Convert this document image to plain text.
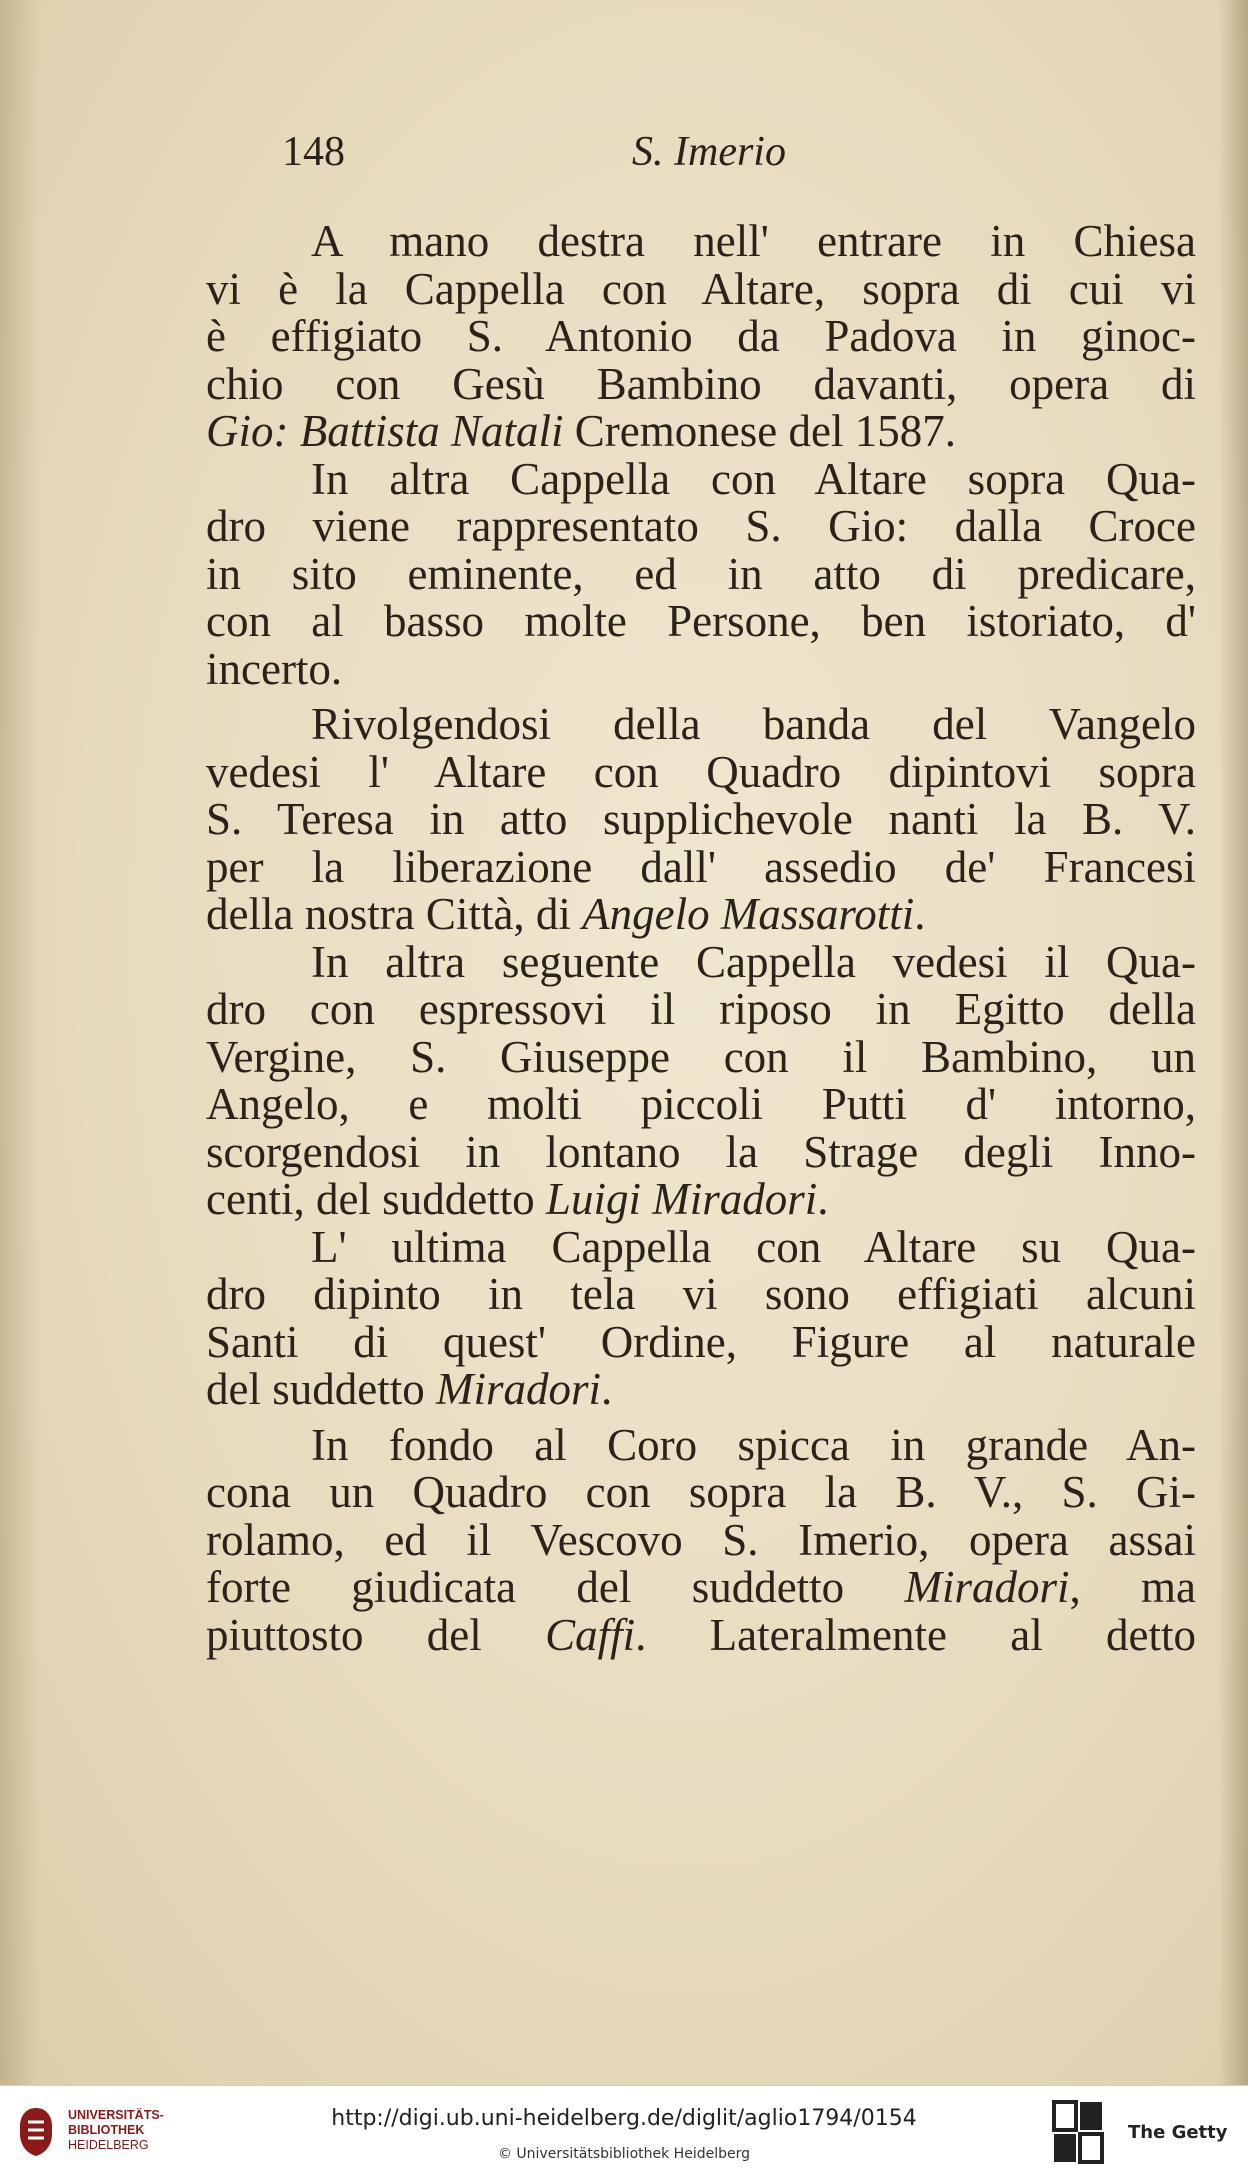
148	S. Imerio
A mano destra nell' entrare in Chiesa
vi è la Cappella con Altare, sopra di cui vi
è effigiato S. Antonio da Padova in ginoc-
chio con Gesù Bambino davanti, opera di
Gio: Battista Natali Cremonese del 1587.
In altra Cappella con Altare sopra Qua-
dro viene rappresentato S. Gio: dalla Croce
in sito eminente, ed in atto di predicare,
con al basso molte Persone, ben istoriato, d'
incerto.
Rivolgendosi della banda del Vangelo
vedesi l' Altare con Quadro dipintovi sopra
S. Teresa in atto supplichevole nanti la B. V.
per la liberazione dall' assedio de' Francesi
della nostra Città, di Angelo Massarotti.
In altra seguente Cappella vedesi il Qua-
dro con espressovi il riposo in Egitto della
Vergine, S. Giuseppe con il Bambino, un
Angelo, e molti piccoli Putti d' intorno,
scorgendosi in lontano la Strage degli Inno-
centi, del suddetto Luigi Miradori.
L' ultima Cappella con Altare su Qua-
dro dipinto in tela vi sono effigiati alcuni
Santi di quest' Ordine, Figure al naturale
del suddetto Miradori.
In fondo al Coro spicca in grande An-
cona un Quadro con sopra la B. V., S. Gi-
rolamo, ed il Vescovo S. Imerio, opera assai
forte giudicata del suddetto Miradori, ma
piuttosto del Caffi. Lateralmente al detto
UNIVERSITÄTS-
BIBLIOTHEK
HEIDELBERG
http://digi.ub.uni-heidelberg.de/diglit/aglio1794/0154
© Universitätsbibliothek Heidelberg
The Getty
